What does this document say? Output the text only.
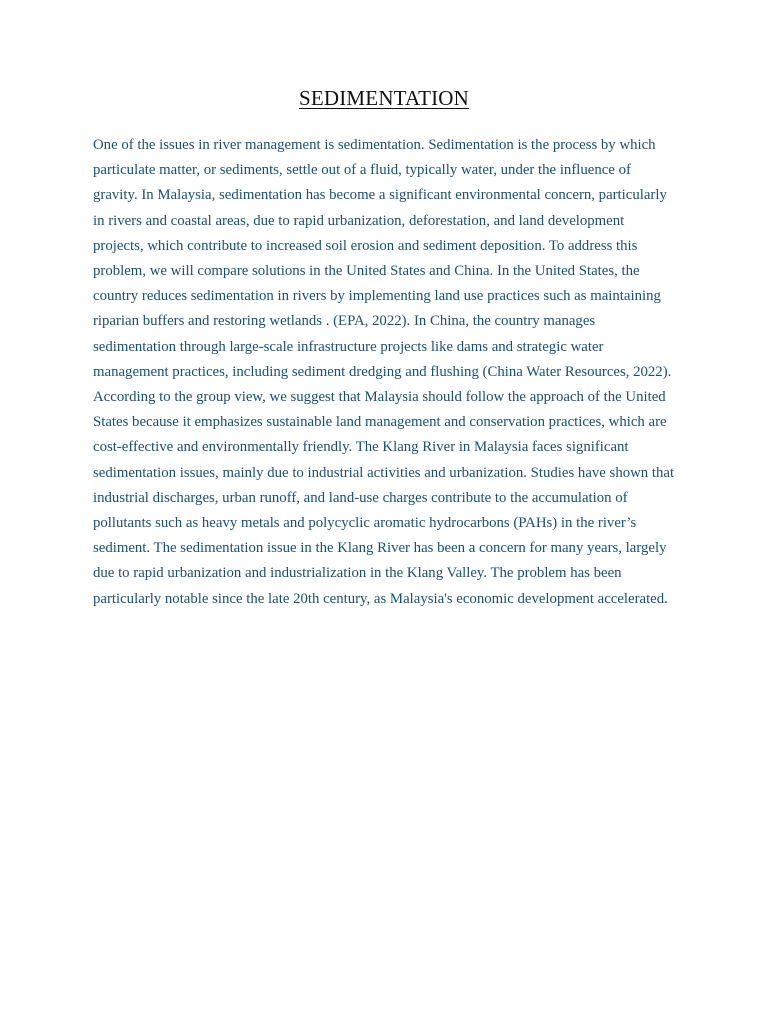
SEDIMENTATION

One of the issues in river management is sedimentation. Sedimentation is the process by which particulate matter, or sediments, settle out of a fluid, typically water, under the influence of gravity. In Malaysia, sedimentation has become a significant environmental concern, particularly in rivers and coastal areas, due to rapid urbanization, deforestation, and land development projects, which contribute to increased soil erosion and sediment deposition. To address this problem, we will compare solutions in the United States and China. In the United States, the country reduces sedimentation in rivers by implementing land use practices such as maintaining riparian buffers and restoring wetlands . (EPA, 2022). In China, the country manages sedimentation through large-scale infrastructure projects like dams and strategic water management practices, including sediment dredging and flushing (China Water Resources, 2022). According to the group view, we suggest that Malaysia should follow the approach of the United States because it emphasizes sustainable land management and conservation practices, which are cost-effective and environmentally friendly. The Klang River in Malaysia faces significant sedimentation issues, mainly due to industrial activities and urbanization. Studies have shown that industrial discharges, urban runoff, and land-use charges contribute to the accumulation of pollutants such as heavy metals and polycyclic aromatic hydrocarbons (PAHs) in the river’s sediment. The sedimentation issue in the Klang River has been a concern for many years, largely due to rapid urbanization and industrialization in the Klang Valley. The problem has been particularly notable since the late 20th century, as Malaysia's economic development accelerated.
